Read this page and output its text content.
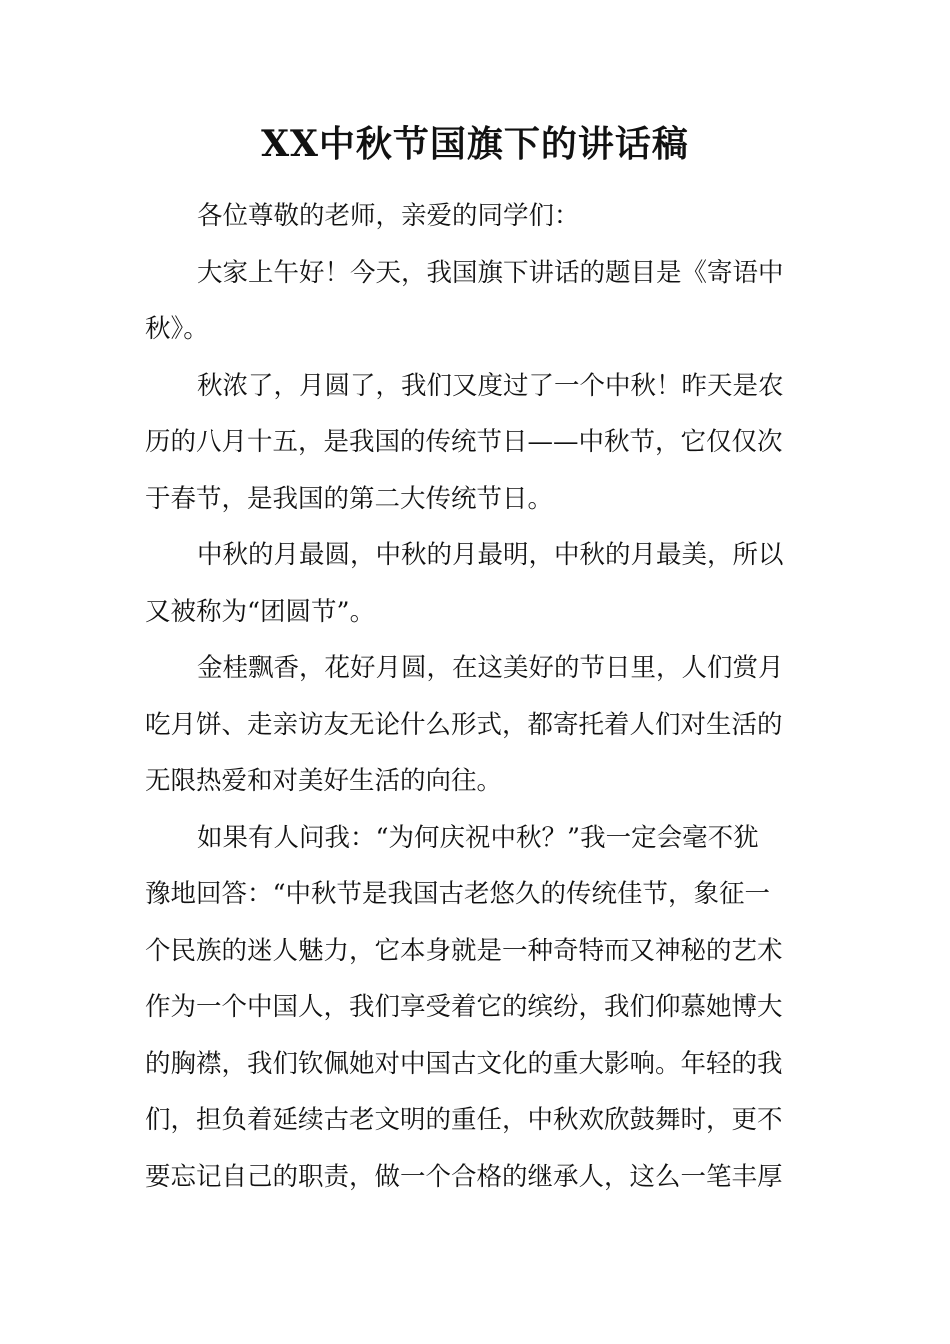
XX中秋节国旗下的讲话稿
各位尊敬的老师，亲爱的同学们：
大家上午好！今天，我国旗下讲话的题目是《寄语中
秋》。
秋浓了，月圆了，我们又度过了一个中秋！昨天是农
历的八月十五，是我国的传统节日——中秋节，它仅仅次
于春节，是我国的第二大传统节日。
中秋的月最圆，中秋的月最明，中秋的月最美，所以
又被称为“团圆节”。
金桂飘香，花好月圆，在这美好的节日里，人们赏月
吃月饼、走亲访友无论什么形式，都寄托着人们对生活的
无限热爱和对美好生活的向往。
如果有人问我：“为何庆祝中秋？”我一定会毫不犹
豫地回答：“中秋节是我国古老悠久的传统佳节，象征一
个民族的迷人魅力，它本身就是一种奇特而又神秘的艺术
作为一个中国人，我们享受着它的缤纷，我们仰慕她博大
的胸襟，我们钦佩她对中国古文化的重大影响。年轻的我
们，担负着延续古老文明的重任，中秋欢欣鼓舞时，更不
要忘记自己的职责，做一个合格的继承人，这么一笔丰厚
